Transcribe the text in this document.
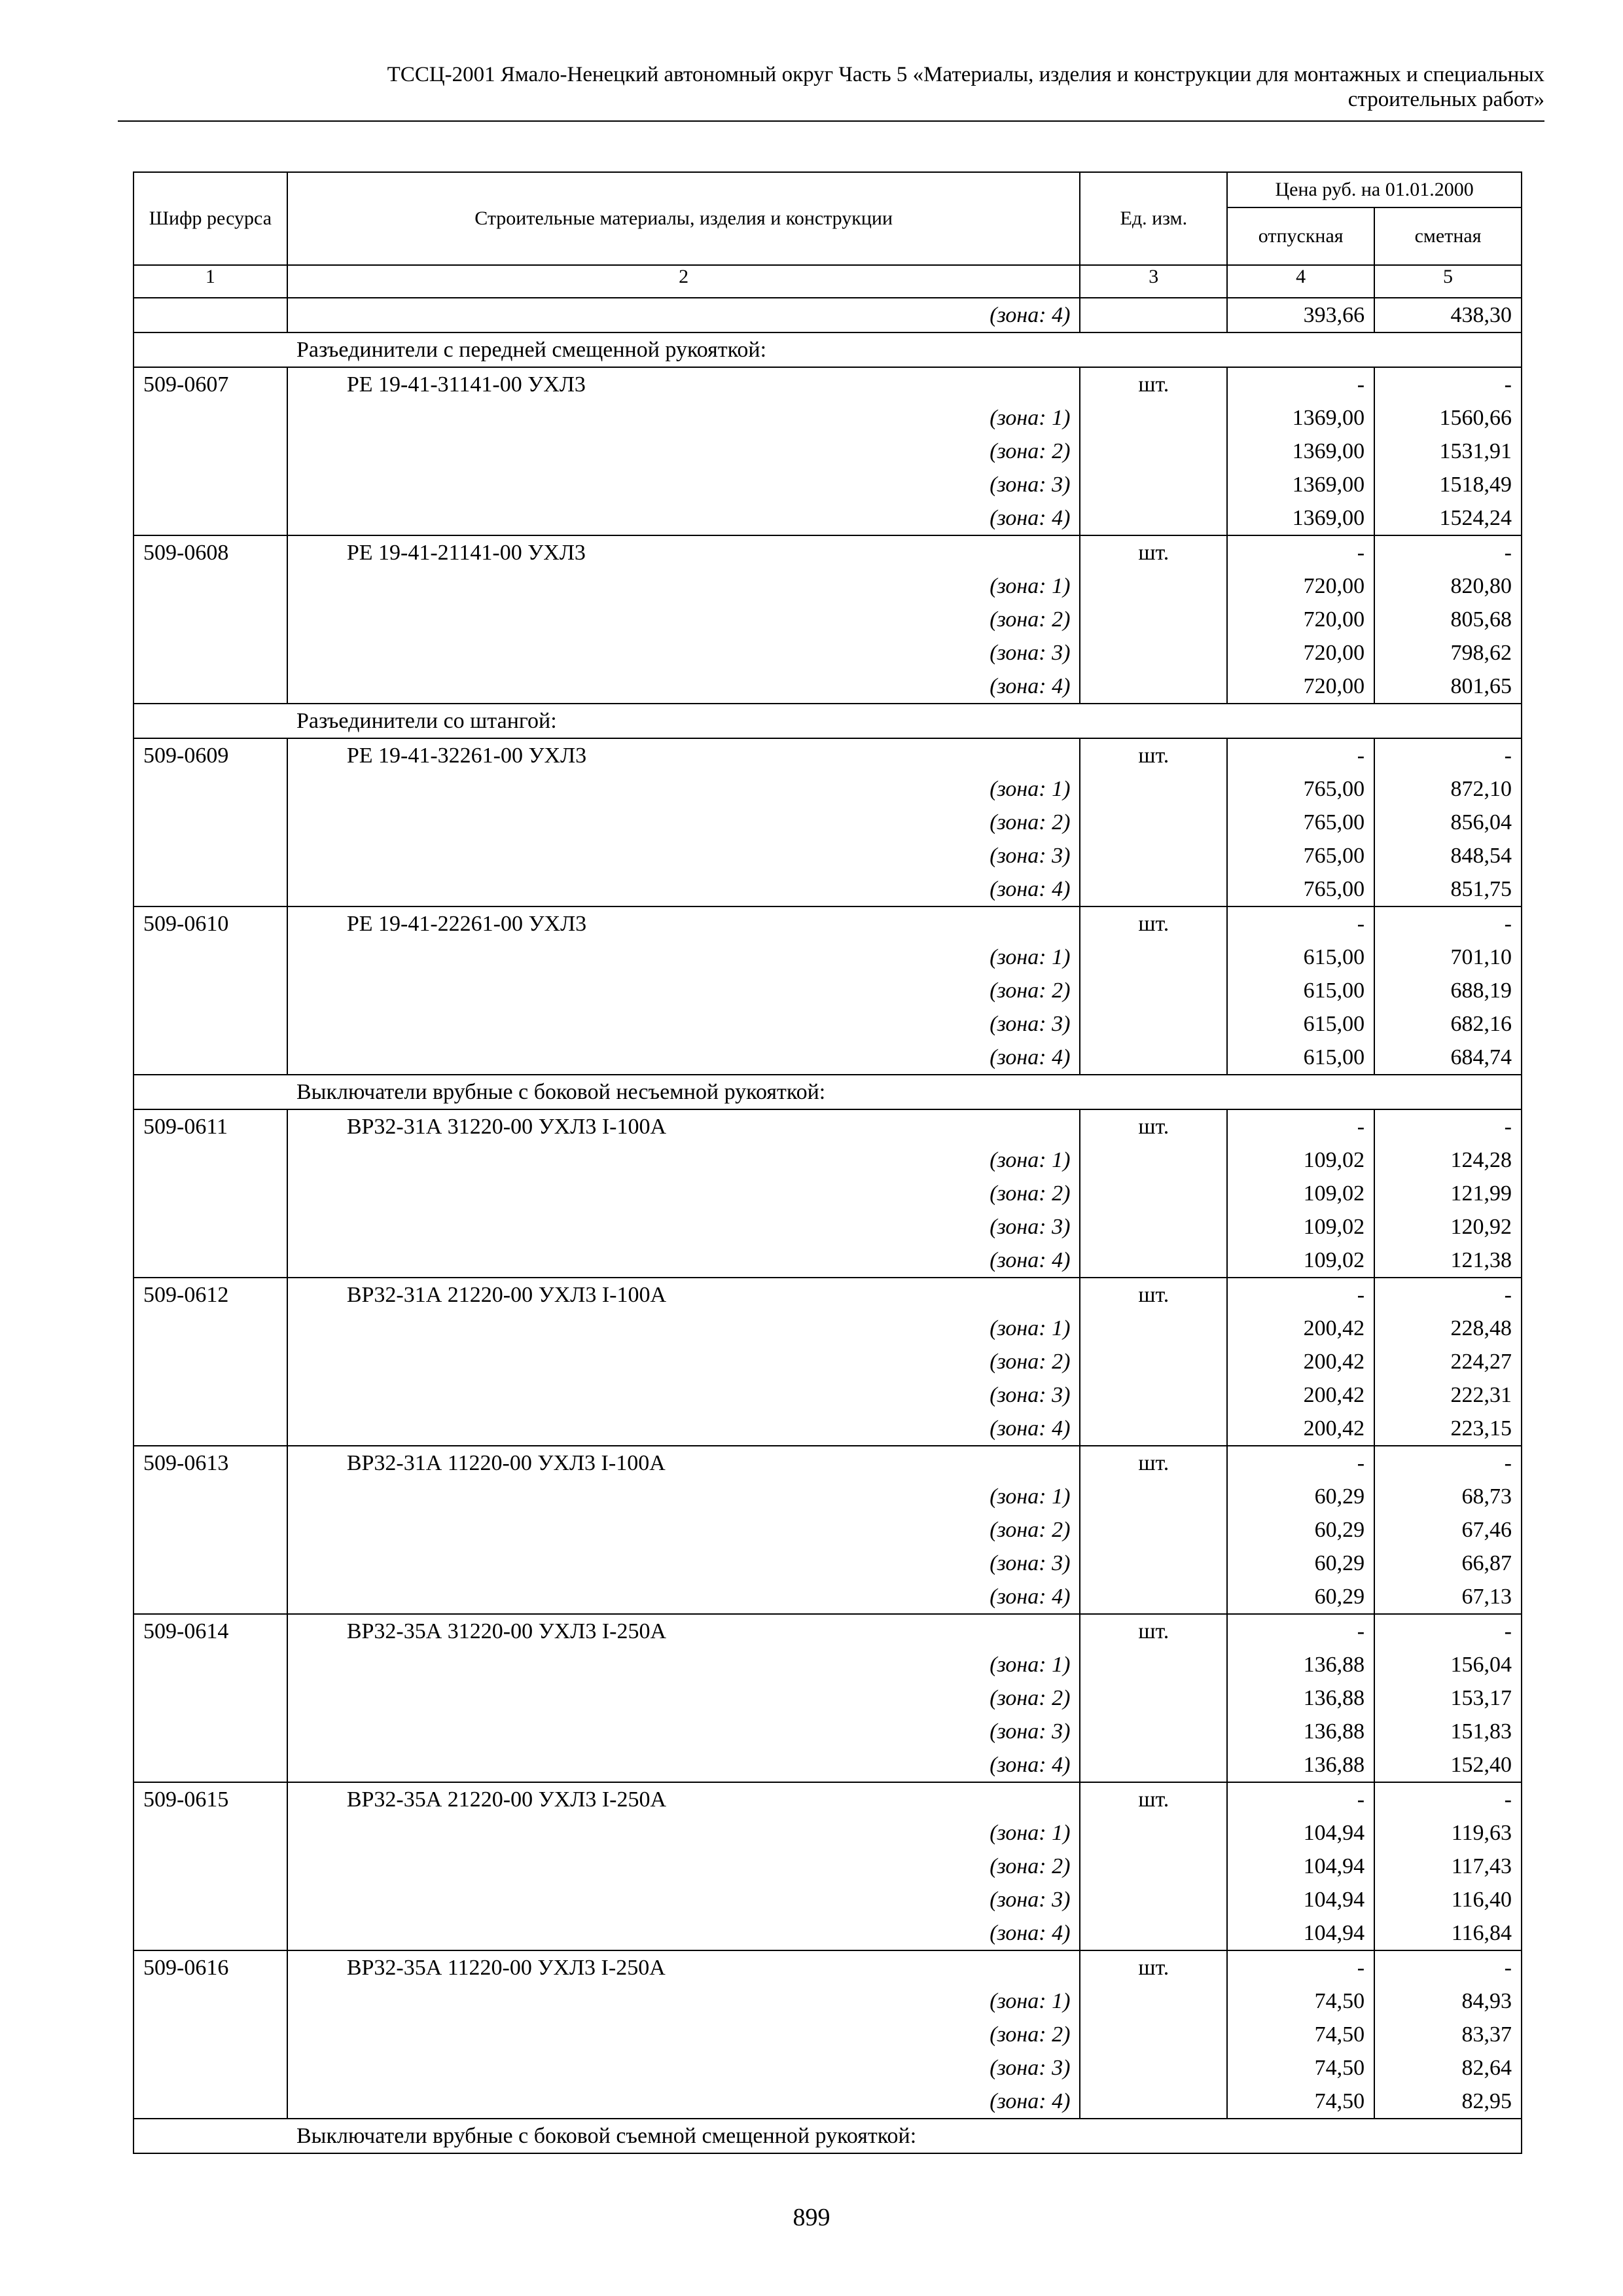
ТССЦ-2001 Ямало-Ненецкий автономный округ Часть 5 «Материалы, изделия и конструкции для монтажных и специальных
строительных работ»
Шифр ресурса	Строительные материалы, изделия и конструкции	Ед. изм.	Цена руб. на 01.01.2000	
			отпускная	сметная
1	2	3	4	5
	(зона: 4)		393,66	438,30
Разъединители с передней смещенной рукояткой:				
509-0607	РЕ 19-41-31141-00 УХЛ3	шт.	-	-
	(зона: 1)		1369,00	1560,66
	(зона: 2)		1369,00	1531,91
	(зона: 3)		1369,00	1518,49
	(зона: 4)		1369,00	1524,24
509-0608	РЕ 19-41-21141-00 УХЛ3	шт.	-	-
	(зона: 1)		720,00	820,80
	(зона: 2)		720,00	805,68
	(зона: 3)		720,00	798,62
	(зона: 4)		720,00	801,65
Разъединители со штангой:				
509-0609	РЕ 19-41-32261-00 УХЛ3	шт.	-	-
	(зона: 1)		765,00	872,10
	(зона: 2)		765,00	856,04
	(зона: 3)		765,00	848,54
	(зона: 4)		765,00	851,75
509-0610	РЕ 19-41-22261-00 УХЛ3	шт.	-	-
	(зона: 1)		615,00	701,10
	(зона: 2)		615,00	688,19
	(зона: 3)		615,00	682,16
	(зона: 4)		615,00	684,74
Выключатели врубные с боковой несъемной рукояткой:				
509-0611	ВР32-31А 31220-00 УХЛ3 I-100А	шт.	-	-
	(зона: 1)		109,02	124,28
	(зона: 2)		109,02	121,99
	(зона: 3)		109,02	120,92
	(зона: 4)		109,02	121,38
509-0612	ВР32-31А 21220-00 УХЛ3 I-100А	шт.	-	-
	(зона: 1)		200,42	228,48
	(зона: 2)		200,42	224,27
	(зона: 3)		200,42	222,31
	(зона: 4)		200,42	223,15
509-0613	ВР32-31А 11220-00 УХЛ3 I-100А	шт.	-	-
	(зона: 1)		60,29	68,73
	(зона: 2)		60,29	67,46
	(зона: 3)		60,29	66,87
	(зона: 4)		60,29	67,13
509-0614	ВР32-35А 31220-00 УХЛ3 I-250А	шт.	-	-
	(зона: 1)		136,88	156,04
	(зона: 2)		136,88	153,17
	(зона: 3)		136,88	151,83
	(зона: 4)		136,88	152,40
509-0615	ВР32-35А 21220-00 УХЛ3 I-250А	шт.	-	-
	(зона: 1)		104,94	119,63
	(зона: 2)		104,94	117,43
	(зона: 3)		104,94	116,40
	(зона: 4)		104,94	116,84
509-0616	ВР32-35А 11220-00 УХЛ3 I-250А	шт.	-	-
	(зона: 1)		74,50	84,93
	(зона: 2)		74,50	83,37
	(зона: 3)		74,50	82,64
	(зона: 4)		74,50	82,95
Выключатели врубные с боковой съемной смещенной рукояткой:				
899
